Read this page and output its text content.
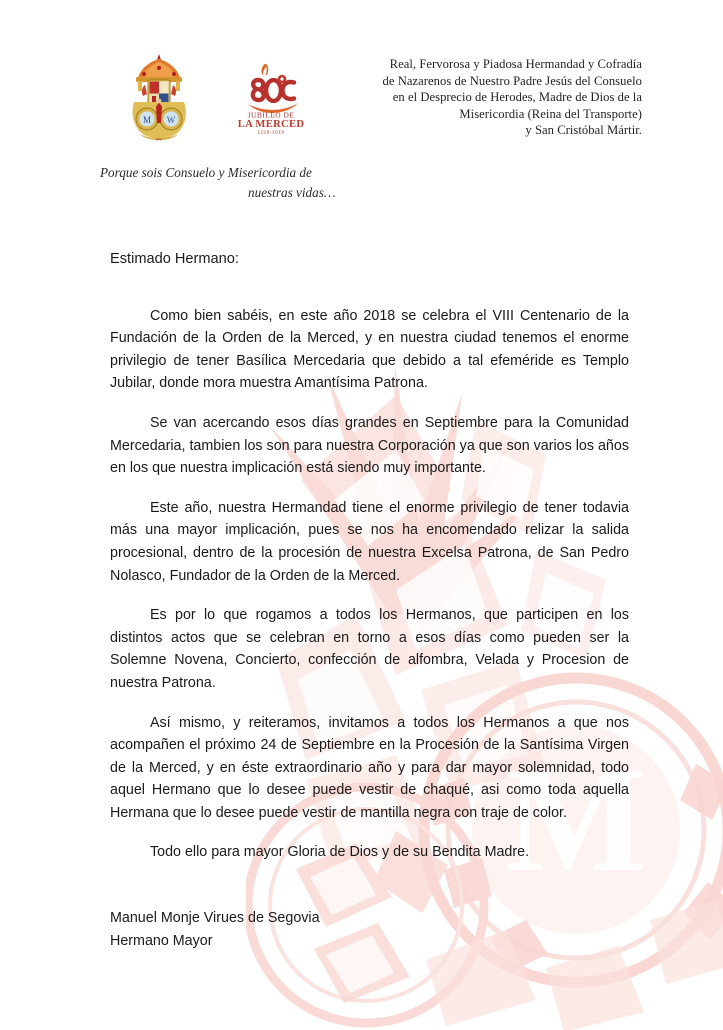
M
M W
ave
JUBILEO DE
LA MERCED
1218-2018
Real, Fervorosa y Piadosa Hermandad y Cofradía
de Nazarenos de Nuestro Padre Jesús del Consuelo
en el Desprecio de Herodes, Madre de Dios de la
Misericordia (Reina del Transporte)
y San Cristóbal Mártir.
Porque sois Consuelo y Misericordia de
nuestras vidas…

Estimado Hermano:

Como bien sabéis, en este año 2018 se celebra el VIII Centenario de la Fundación de la Orden de la Merced, y en nuestra ciudad tenemos el enorme privilegio de tener Basílica Mercedaria que debido a tal efeméride es Templo Jubilar, donde mora muestra Amantísima Patrona.

Se van acercando esos días grandes en Septiembre para la Comunidad Mercedaria, tambien los son para nuestra Corporación ya que son varios los años en los que nuestra implicación está siendo muy importante.

Este año, nuestra Hermandad tiene el enorme privilegio de tener todavia más una mayor implicación, pues se nos ha encomendado relizar la salida procesional, dentro de la procesión de nuestra Excelsa Patrona, de San Pedro Nolasco, Fundador de la Orden de la Merced.

Es por lo que rogamos a todos los Hermanos, que participen en los distintos actos que se celebran en torno a esos días como pueden ser la Solemne Novena, Concierto, confección de alfombra, Velada y Procesion de nuestra Patrona.

Así mismo, y reiteramos, invitamos a todos los Hermanos a que nos acompañen el próximo 24 de Septiembre en la Procesión de la Santísima Virgen de la Merced, y en éste extraordinario año y para dar mayor solemnidad, todo aquel Hermano que lo desee puede vestir de chaqué, asi como toda aquella Hermana que lo desee puede vestir de mantilla negra con traje de color.

Todo ello para mayor Gloria de Dios y de su Bendita Madre.

Manuel Monje Virues de Segovia
Hermano Mayor
